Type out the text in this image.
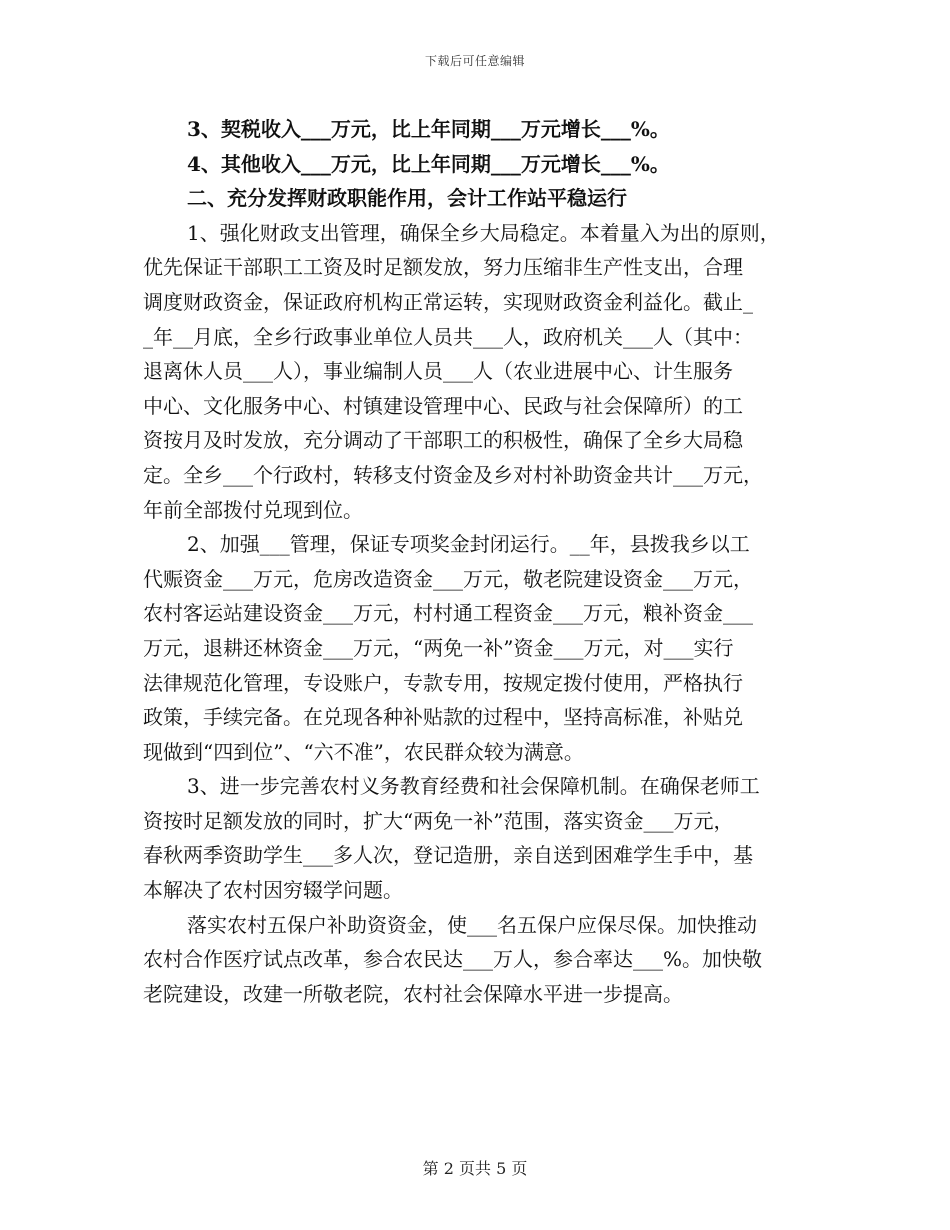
下载后可任意编辑
3、契税收入___万元，比上年同期___万元增长___%。
4、其他收入___万元，比上年同期___万元增长___%。
二、充分发挥财政职能作用，会计工作站平稳运行
1、强化财政支出管理，确保全乡大局稳定。本着量入为出的原则，
优先保证干部职工工资及时足额发放，努力压缩非生产性支出，合理
调度财政资金，保证政府机构正常运转，实现财政资金利益化。截止_
_年__月底，全乡行政事业单位人员共___人，政府机关___人（其中：
退离休人员___人），事业编制人员___人（农业进展中心、计生服务
中心、文化服务中心、村镇建设管理中心、民政与社会保障所）的工
资按月及时发放，充分调动了干部职工的积极性，确保了全乡大局稳
定。全乡___个行政村，转移支付资金及乡对村补助资金共计___万元，
年前全部拨付兑现到位。
2、加强___管理，保证专项奖金封闭运行。__年，县拨我乡以工
代赈资金___万元，危房改造资金___万元，敬老院建设资金___万元，
农村客运站建设资金___万元，村村通工程资金___万元，粮补资金___
万元，退耕还林资金___万元，“两免一补”资金___万元，对___实行
法律规范化管理，专设账户，专款专用，按规定拨付使用，严格执行
政策，手续完备。在兑现各种补贴款的过程中，坚持高标准，补贴兑
现做到“四到位”、“六不准”，农民群众较为满意。
3、进一步完善农村义务教育经费和社会保障机制。在确保老师工
资按时足额发放的同时，扩大“两免一补”范围，落实资金___万元，
春秋两季资助学生___多人次，登记造册，亲自送到困难学生手中，基
本解决了农村因穷辍学问题。
落实农村五保户补助资资金，使___名五保户应保尽保。加快推动
农村合作医疗试点改革，参合农民达___万人，参合率达___%。加快敬
老院建设，改建一所敬老院，农村社会保障水平进一步提高。
第 2 页共 5 页
